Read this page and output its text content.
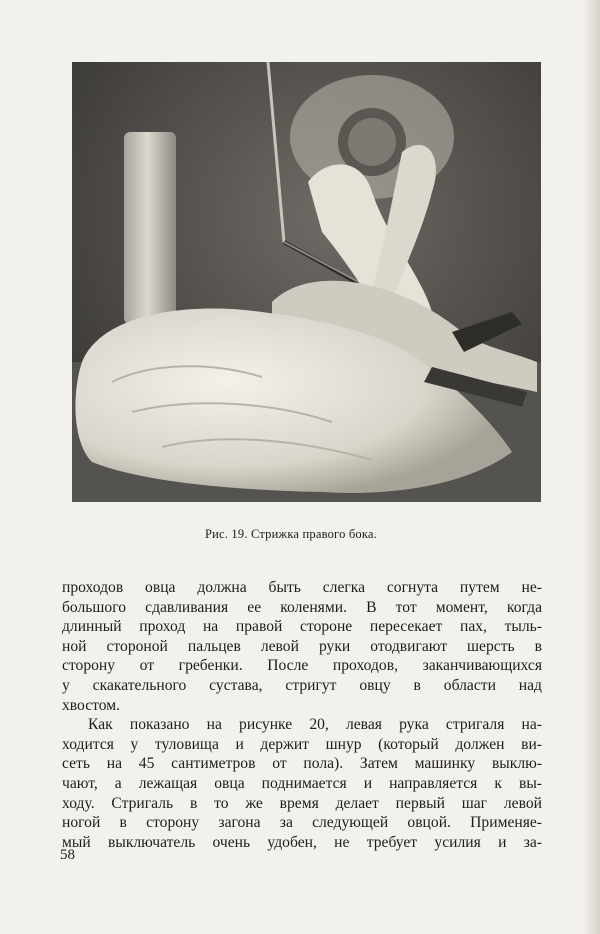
Рис. 19. Стрижка правого бока.
проходов овца должна быть слегка согнута путем не-
большого сдавливания ее коленями. В тот момент, когда
длинный проход на правой стороне пересекает пах, тыль-
ной стороной пальцев левой руки отодвигают шерсть в
сторону от гребенки. После проходов, заканчивающихся
у скакательного сустава, стригут овцу в области над
хвостом.
Как показано на рисунке 20, левая рука стригаля на-
ходится у туловища и держит шнур (который должен ви-
сеть на 45 сантиметров от пола). Затем машинку выклю-
чают, а лежащая овца поднимается и направляется к вы-
ходу. Стригаль в то же время делает первый шаг левой
ногой в сторону загона за следующей овцой. Применяе-
мый выключатель очень удобен, не требует усилия и за-
58
